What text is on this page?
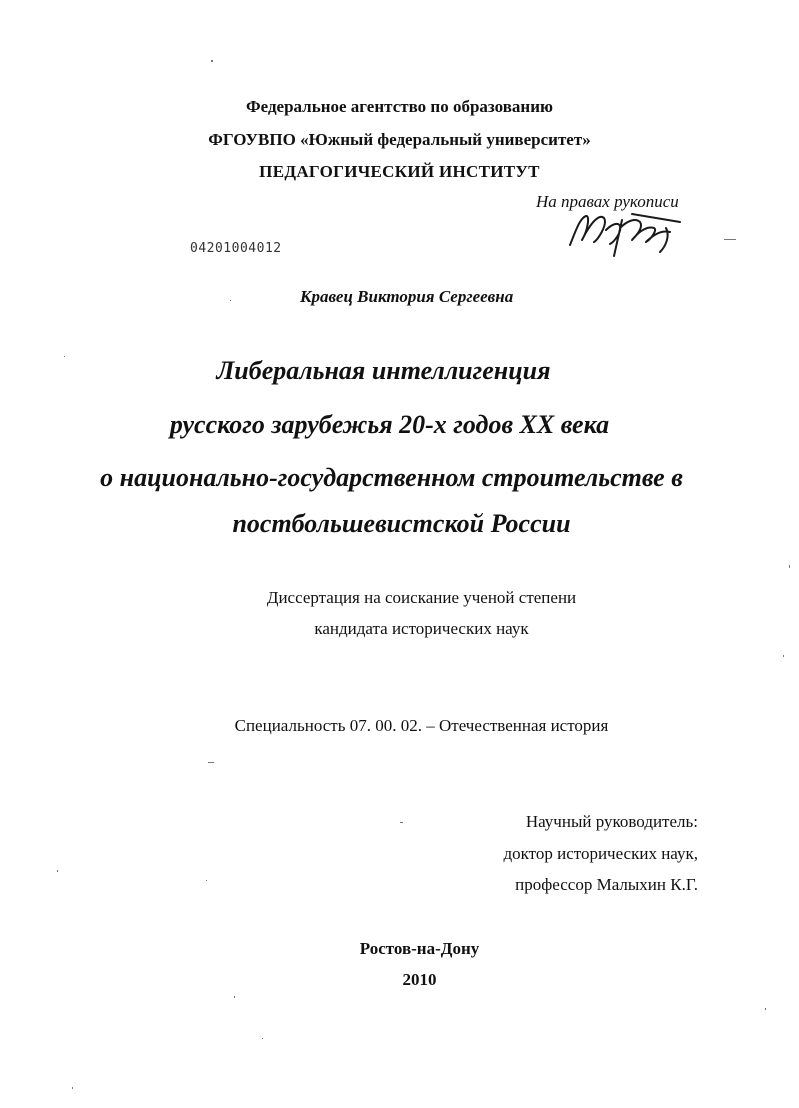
Федеральное агентство по образованию
ФГОУВПО «Южный федеральный университет»
ПЕДАГОГИЧЕСКИЙ ИНСТИТУТ
На правах рукописи
04201004012
Кравец Виктория Сергеевна
Либеральная интеллигенция
русского зарубежья 20-х годов XX века
о национально-государственном строительстве в
постбольшевистской России
Диссертация на соискание ученой степени
кандидата исторических наук
Специальность 07. 00. 02. – Отечественная история
Научный руководитель:
доктор исторических наук,
профессор Малыхин К.Г.
Ростов-на-Дону
2010
